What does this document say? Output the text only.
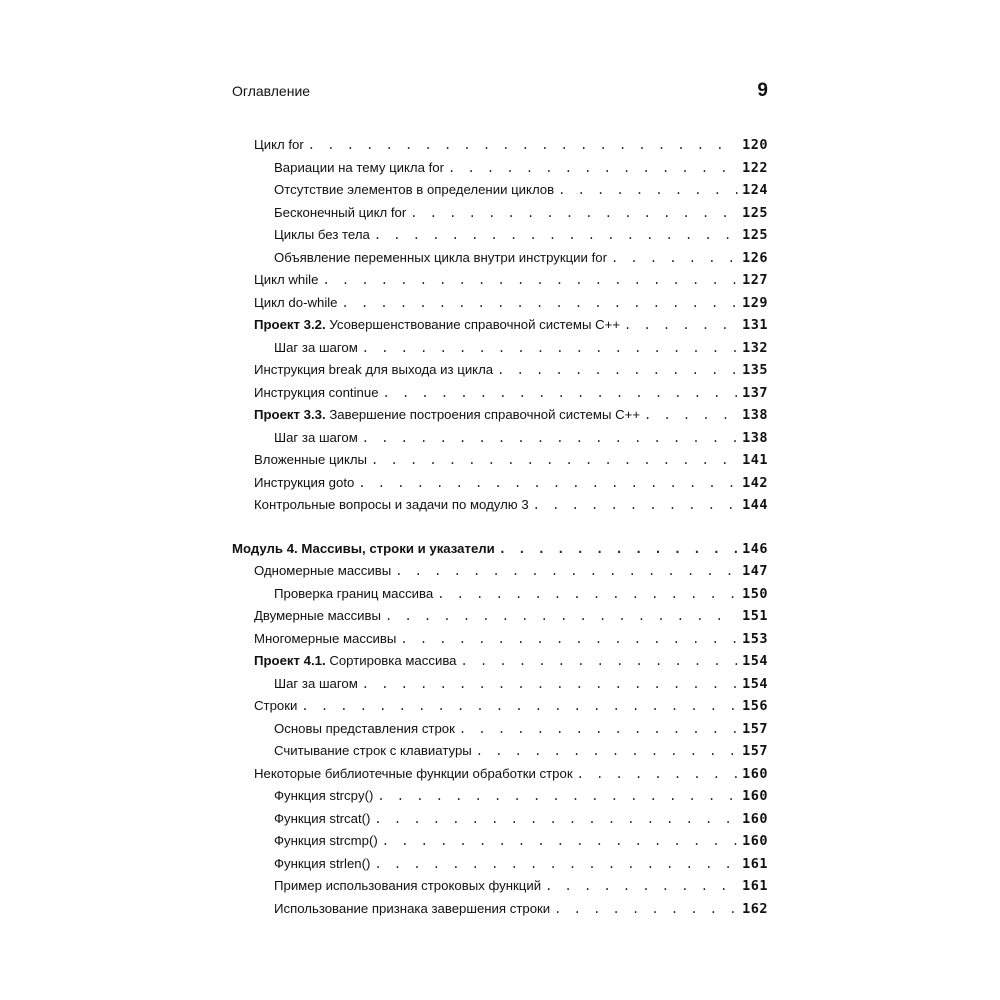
Оглавление	9
Цикл for . . .	120
Вариации на тему цикла for . . .	122
Отсутствие элементов в определении циклов . . .	124
Бесконечный цикл for . . .	125
Циклы без тела . . .	125
Объявление переменных цикла внутри инструкции for . . .	126
Цикл while . . .	127
Цикл do-while . . .	129
Проект 3.2. Усовершенствование справочной системы C++ . . .	131
Шаг за шагом . . .	132
Инструкция break для выхода из цикла . . .	135
Инструкция continue . . .	137
Проект 3.3. Завершение построения справочной системы C++ . . .	138
Шаг за шагом . . .	138
Вложенные циклы . . .	141
Инструкция goto . . .	142
Контрольные вопросы и задачи по модулю 3 . . .	144
Модуль 4. Массивы, строки и указатели . . .	146
Одномерные массивы . . .	147
Проверка границ массива . . .	150
Двумерные массивы . . .	151
Многомерные массивы . . .	153
Проект 4.1. Сортировка массива . . .	154
Шаг за шагом . . .	154
Строки . . .	156
Основы представления строк . . .	157
Считывание строк с клавиатуры . . .	157
Некоторые библиотечные функции обработки строк . . .	160
Функция strcpy() . . .	160
Функция strcat() . . .	160
Функция strcmp() . . .	160
Функция strlen() . . .	161
Пример использования строковых функций . . .	161
Использование признака завершения строки . . .	162
